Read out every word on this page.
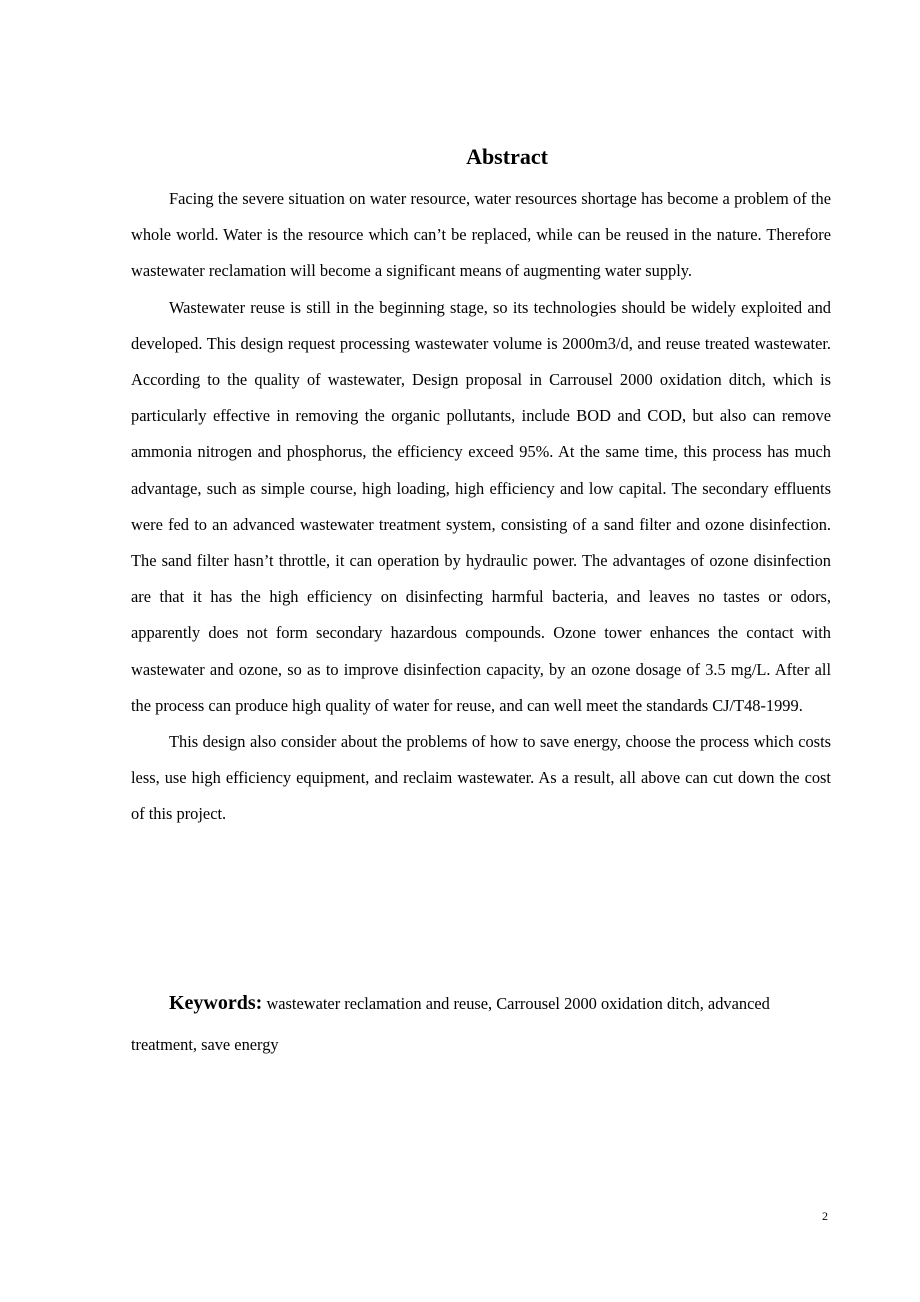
Abstract

Facing the severe situation on water resource, water resources shortage has become a problem of the whole world. Water is the resource which can’t be replaced, while can be reused in the nature. Therefore wastewater reclamation will become a significant means of augmenting water supply.

Wastewater reuse is still in the beginning stage, so its technologies should be widely exploited and developed. This design request processing wastewater volume is 2000m3/d, and reuse treated wastewater. According to the quality of wastewater, Design proposal in Carrousel 2000 oxidation ditch, which is particularly effective in removing the organic pollutants, include BOD and COD, but also can remove ammonia nitrogen and phosphorus, the efficiency exceed 95%. At the same time, this process has much advantage, such as simple course, high loading, high efficiency and low capital. The secondary effluents were fed to an advanced wastewater treatment system, consisting of a sand filter and ozone disinfection. The sand filter hasn’t throttle, it can operation by hydraulic power. The advantages of ozone disinfection are that it has the high efficiency on disinfecting harmful bacteria, and leaves no tastes or odors, apparently does not form secondary hazardous compounds. Ozone tower enhances the contact with wastewater and ozone, so as to improve disinfection capacity, by an ozone dosage of 3.5 mg/L. After all the process can produce high quality of water for reuse, and can well meet the standards CJ/T48-1999.

This design also consider about the problems of how to save energy, choose the process which costs less, use high efficiency equipment, and reclaim wastewater. As a result, all above can cut down the cost of this project.

Keywords: wastewater reclamation and reuse, Carrousel 2000 oxidation ditch, advanced treatment, save energy

2
